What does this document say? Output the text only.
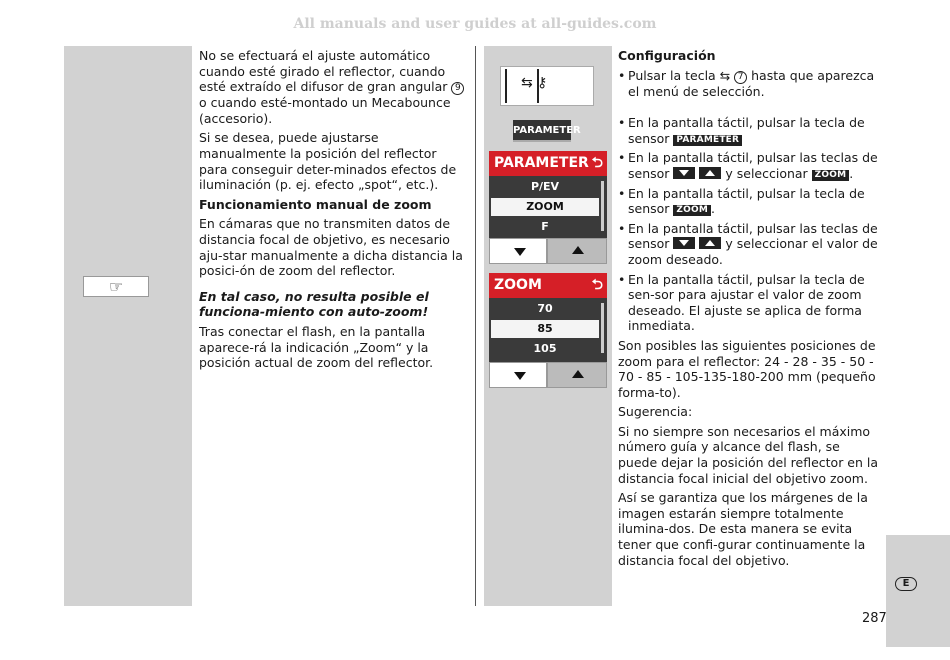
All manuals and user guides at all-guides.com
☞

No se efectuará el ajuste automático cuando esté girado el reflector, cuando esté extraído el difusor de gran angular 9 o cuando esté-montado un Mecabounce (accesorio).

Si se desea, puede ajustarse manualmente la posición del reflector para conseguir deter-minados efectos de iluminación (p. ej. efecto „spot“, etc.).

Funcionamiento manual de zoom

En cámaras que no transmiten datos de distancia focal de objetivo, es necesario aju-star manualmente a dicha distancia la posici-ón de zoom del reflector.

En tal caso, no resulta posible el funciona-miento con auto-zoom!

Tras conectar el flash, en la pantalla aparece-rá la indicación „Zoom“ y la posición actual de zoom del reflector.

⇆ ⚷
PARAMETER
PARAMETER ⮌
P/EV
ZOOM
F
ZOOM	⮌
70
85
105
Configuración
• Pulsar la tecla ⇆ 7 hasta que aparezca el menú de selección.
• En la pantalla táctil, pulsar la tecla de sensor PARAMETER
• En la pantalla táctil, pulsar las teclas de sensor	y seleccionar ZOOM .
• En la pantalla táctil, pulsar la tecla de sensor ZOOM .
• En la pantalla táctil, pulsar las teclas de sensor	y seleccionar el valor de zoom deseado.
• En la pantalla táctil, pulsar la tecla de sen-sor para ajustar el valor de zoom deseado. El ajuste se aplica de forma inmediata.

Son posibles las siguientes posiciones de zoom para el reflector: 24 - 28 - 35 - 50 - 70 - 85 - 105-135-180-200 mm (pequeño forma-to).

Sugerencia:

Si no siempre son necesarios el máximo número guía y alcance del flash, se puede dejar la posición del reflector en la distancia focal inicial del objetivo zoom.

Así se garantiza que los márgenes de la imagen estarán siempre totalmente ilumina-dos. De esta manera se evita tener que confi-gurar continuamente la distancia focal del objetivo.

E
287
